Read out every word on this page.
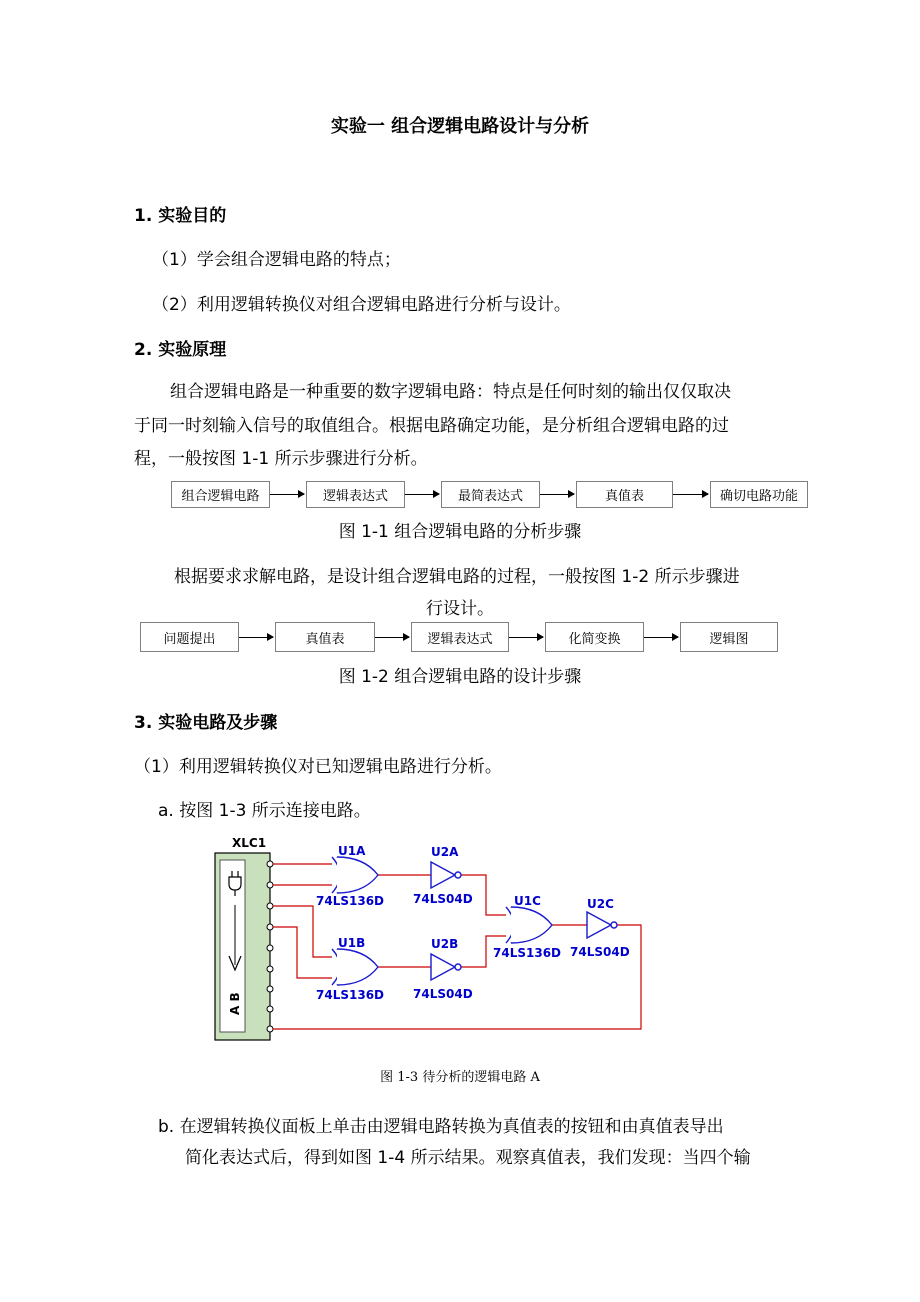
实验一 组合逻辑电路设计与分析
1. 实验目的
（1）学会组合逻辑电路的特点；
（2）利用逻辑转换仪对组合逻辑电路进行分析与设计。
2. 实验原理
组合逻辑电路是一种重要的数字逻辑电路：特点是任何时刻的输出仅仅取决
于同一时刻输入信号的取值组合。根据电路确定功能，是分析组合逻辑电路的过
程，一般按图 1-1 所示步骤进行分析。
组合逻辑电路	逻辑表达式	最简表达式	真值表	确切电路功能
图 1-1 组合逻辑电路的分析步骤
根据要求求解电路，是设计组合逻辑电路的过程，一般按图 1-2 所示步骤进
行设计。
问题提出	真值表	逻辑表达式	化简变换	逻辑图
图 1-2 组合逻辑电路的设计步骤
3. 实验电路及步骤
（1）利用逻辑转换仪对已知逻辑电路进行分析。
a. 按图 1-3 所示连接电路。
XLC1
A B
U1A
74LS136D
U2A
74LS04D
U1B
74LS136D
U2B
74LS04D
U1C
74LS136D
U2C
74LS04D
图 1-3 待分析的逻辑电路 A
b. 在逻辑转换仪面板上单击由逻辑电路转换为真值表的按钮和由真值表导出
简化表达式后，得到如图 1-4 所示结果。观察真值表，我们发现：当四个输
